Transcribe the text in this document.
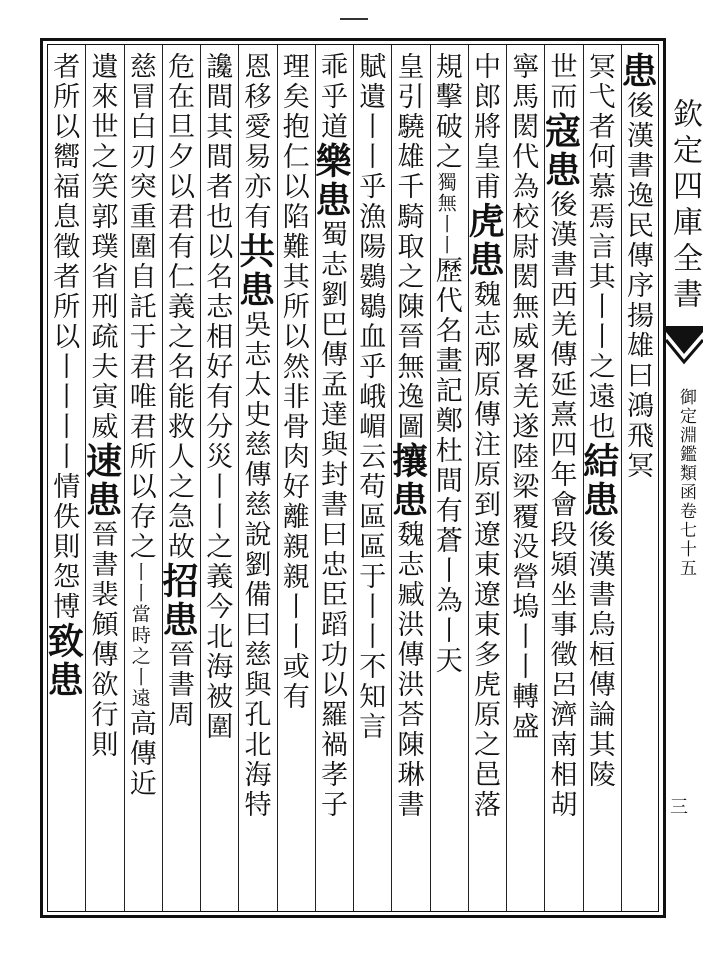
患後漢書逸民傳序揚雄曰鴻飛冥
冥弋者何慕焉言其丨丨之遠也結患後漢書烏桓傳論其陵
世而寇患後漢書西羌傳延熹四年會段熲坐事徵呂濟南相胡
寧馬閎代為校尉閎無威畧羌遂陸梁覆没營塢丨丨轉盛
中郎將皇甫虎患魏志邴原傳注原到遼東遼東多虎原之邑落
規擊破之獨無丨丨歷代名畫記鄭杜間有蒼丨為丨天
皇引驍雄千騎取之陳晉無逸圖攘患魏志臧洪傳洪荅陳琳書
賦遺丨丨乎漁陽鷃鶡血乎峨嵋云苟區區于丨丨不知言
乖乎道樂患蜀志劉巴傳孟達與封書曰忠臣蹈功以羅禍孝子
理矣抱仁以陷難其所以然非骨肉好離親親丨丨或有
恩移愛易亦有共患吳志太史慈傳慈說劉備曰慈與孔北海特
讒間其間者也以名志相好有分災丨丨之義今北海被圍
危在旦夕以君有仁義之名能救人之急故招患晉書周
慈冒白刃突重圍自託于君唯君所以存之丨丨當時之丨遠高傳近
遺來世之笑郭璞省刑疏夫寅威速患晉書裴頠傳欲行則
者所以嚮福息徵者所以丨丨丨丨情佚則怨博致患
欽定四庫全書
御定淵鑑類函卷七十五
三
